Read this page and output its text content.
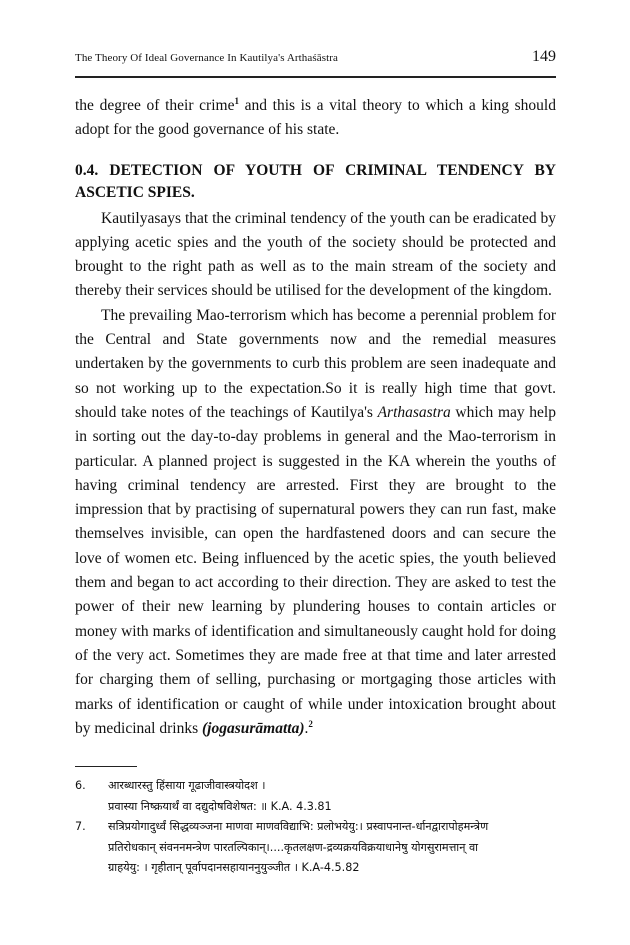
The Theory Of Ideal Governance In Kautilya's Arthaśāstra	149

the degree of their crime$^1$ and this is a vital theory to which a king should adopt for the good governance of his state.

0.4. DETECTION OF YOUTH OF CRIMINAL TENDENCY BY ASCETIC SPIES.

Kautilyasays that the criminal tendency of the youth can be eradicated by applying acetic spies and the youth of the society should be protected and brought to the right path as well as to the main stream of the society and thereby their services should be utilised for the development of the kingdom.

The prevailing Mao-terrorism which has become a perennial problem for the Central and State governments now and the remedial measures undertaken by the governments to curb this problem are seen inadequate and so not working up to the expectation.So it is really high time that govt. should take notes of the teachings of Kautilya's Arthasastra which may help in sorting out the day-to-day problems in general and the Mao-terrorism in particular. A planned project is suggested in the KA wherein the youths of having criminal tendency are arrested. First they are brought to the impression that by practising of supernatural powers they can run fast, make themselves invisible, can open the hardfastened doors and can secure the love of women etc. Being influenced by the acetic spies, the youth believed them and began to act according to their direction. They are asked to test the power of their new learning by plundering houses to contain articles or money with marks of identification and simultaneously caught hold for doing of the very act. Sometimes they are made free at that time and later arrested for charging them of selling, purchasing or mortgaging those articles with marks of identification or caught of while under intoxication brought about by medicinal drinks (jogasurāmatta).$^2$

6.	आरब्धारस्तु हिंसाया गूढाजीवास्त्रयोदश ।
प्रवास्या निष्क्रयार्थं वा दद्युदोषविशेषत: ॥ K.A. 4.3.81
7.	सत्रिप्रयोगादुर्ध्वं सिद्धव्यञ्जना माणवा माणवविद्याभि: प्रलोभयेयु:। प्रस्वापनान्त-र्धानद्वारापोहमन्त्रेण
प्रतिरोधकान् संवननमन्त्रेण पारतल्पिकान्।....कृतलक्षण-द्रव्यक्रयविक्रयाधानेषु योगसुरामत्तान् वा
ग्राहयेयु: । गृहीतान् पूर्वापदानसहायाननुयुञ्जीत । K.A-4.5.82
